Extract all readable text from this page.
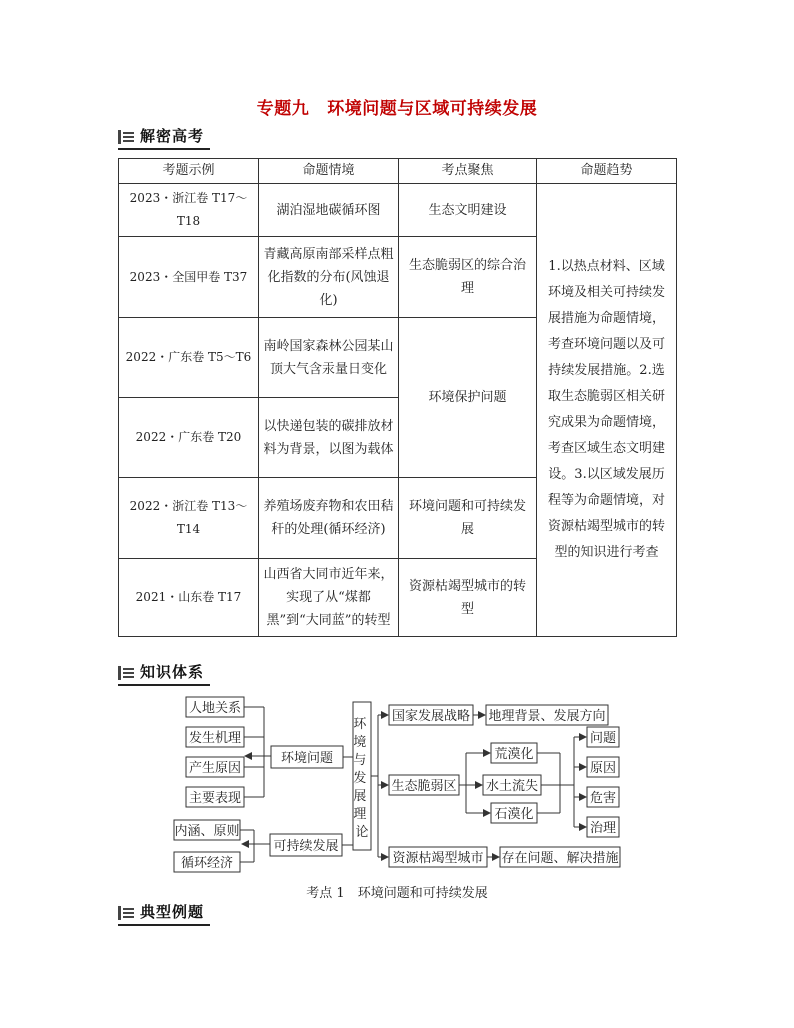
专题九 环境问题与区域可持续发展
解密高考
考题示例	命题情境	考点聚焦	命题趋势
2023・浙江卷 T17～T18	湖泊湿地碳循环图	生态文明建设	1.以热点材料、区域环境及相关可持续发展措施为命题情境，考查环境问题以及可持续发展措施。2.选取生态脆弱区相关研究成果为命题情境，考查区域生态文明建设。3.以区域发展历程等为命题情境，对资源枯竭型城市的转型的知识进行考查
2023・全国甲卷 T37	青藏高原南部采样点粗化指数的分布(风蚀退化)	生态脆弱区的综合治理	
2022・广东卷 T5～T6	南岭国家森林公园某山顶大气含汞量日变化	环境保护问题	
2022・广东卷 T20	以快递包装的碳排放材料为背景，以图为载体		
2022・浙江卷 T13～T14	养殖场废弃物和农田秸秆的处理(循环经济)	环境问题和可持续发展	
2021・山东卷 T17	山西省大同市近年来，实现了从“煤都黑”到“大同蓝”的转型	资源枯竭型城市的转型	
知识体系
人地关系
发生机理
产生原因
主要表现
环境问题
内涵、原则
循环经济
可持续发展
环 境 与 发 展 理 论
国家发展战略 地理背景、发展方向
生态脆弱区
荒漠化
水土流失
石漠化
问题
原因
危害
治理
资源枯竭型城市 存在问题、解决措施
考点 1　环境问题和可持续发展
典型例题
